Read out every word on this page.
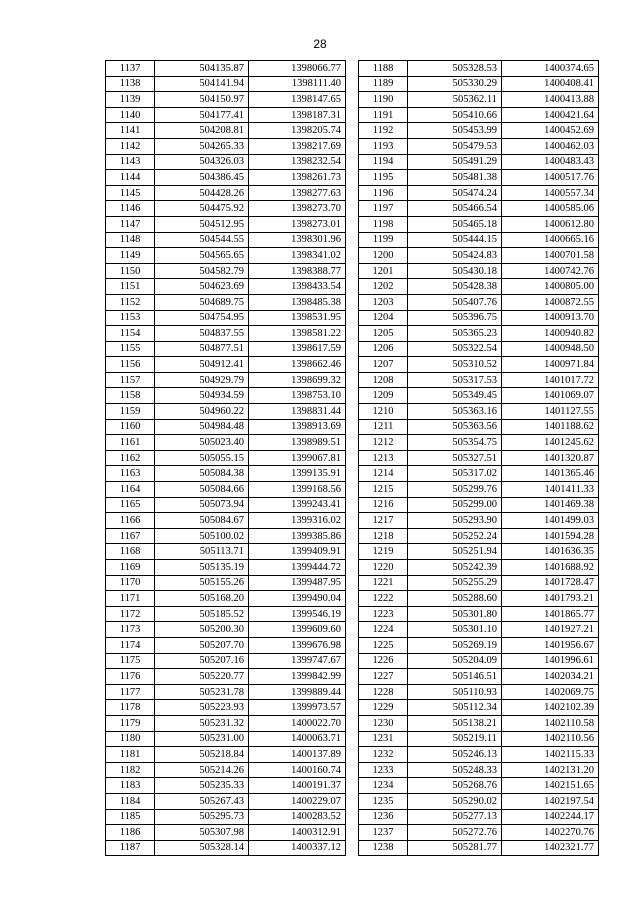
28
1137	504135.87	1398066.77
1138	504141.94	1398111.40
1139	504150.97	1398147.65
1140	504177.41	1398187.31
1141	504208.81	1398205.74
1142	504265.33	1398217.69
1143	504326.03	1398232.54
1144	504386.45	1398261.73
1145	504428.26	1398277.63
1146	504475.92	1398273.70
1147	504512.95	1398273.01
1148	504544.55	1398301.96
1149	504565.65	1398341.02
1150	504582.79	1398388.77
1151	504623.69	1398433.54
1152	504689.75	1398485.38
1153	504754.95	1398531.95
1154	504837.55	1398581.22
1155	504877.51	1398617.59
1156	504912.41	1398662.46
1157	504929.79	1398699.32
1158	504934.59	1398753.10
1159	504960.22	1398831.44
1160	504984.48	1398913.69
1161	505023.40	1398989.51
1162	505055.15	1399067.81
1163	505084.38	1399135.91
1164	505084.66	1399168.56
1165	505073.94	1399243.41
1166	505084.67	1399316.02
1167	505100.02	1399385.86
1168	505113.71	1399409.91
1169	505135.19	1399444.72
1170	505155.26	1399487.95
1171	505168.20	1399490.04
1172	505185.52	1399546.19
1173	505200.30	1399609.60
1174	505207.70	1399676.98
1175	505207.16	1399747.67
1176	505220.77	1399842.99
1177	505231.78	1399889.44
1178	505223.93	1399973.57
1179	505231.32	1400022.70
1180	505231.00	1400063.71
1181	505218.84	1400137.89
1182	505214.26	1400160.74
1183	505235.33	1400191.37
1184	505267.43	1400229.07
1185	505295.73	1400283.52
1186	505307.98	1400312.91
1187	505328.14	1400337.12
1188	505328.53	1400374.65
1189	505330.29	1400408.41
1190	505362.11	1400413.88
1191	505410.66	1400421.64
1192	505453.99	1400452.69
1193	505479.53	1400462.03
1194	505491.29	1400483.43
1195	505481.38	1400517.76
1196	505474.24	1400557.34
1197	505466.54	1400585.06
1198	505465.18	1400612.80
1199	505444.15	1400665.16
1200	505424.83	1400701.58
1201	505430.18	1400742.76
1202	505428.38	1400805.00
1203	505407.76	1400872.55
1204	505396.75	1400913.70
1205	505365.23	1400940.82
1206	505322.54	1400948.50
1207	505310.52	1400971.84
1208	505317.53	1401017.72
1209	505349.45	1401069.07
1210	505363.16	1401127.55
1211	505363.56	1401188.62
1212	505354.75	1401245.62
1213	505327.51	1401320.87
1214	505317.02	1401365.46
1215	505299.76	1401411.33
1216	505299.00	1401469.38
1217	505293.90	1401499.03
1218	505252.24	1401594.28
1219	505251.94	1401636.35
1220	505242.39	1401688.92
1221	505255.29	1401728.47
1222	505288.60	1401793.21
1223	505301.80	1401865.77
1224	505301.10	1401927.21
1225	505269.19	1401956.67
1226	505204.09	1401996.61
1227	505146.51	1402034.21
1228	505110.93	1402069.75
1229	505112.34	1402102.39
1230	505138.21	1402110.58
1231	505219.11	1402110.56
1232	505246.13	1402115.33
1233	505248.33	1402131.20
1234	505268.76	1402151.65
1235	505290.02	1402197.54
1236	505277.13	1402244.17
1237	505272.76	1402270.76
1238	505281.77	1402321.77
